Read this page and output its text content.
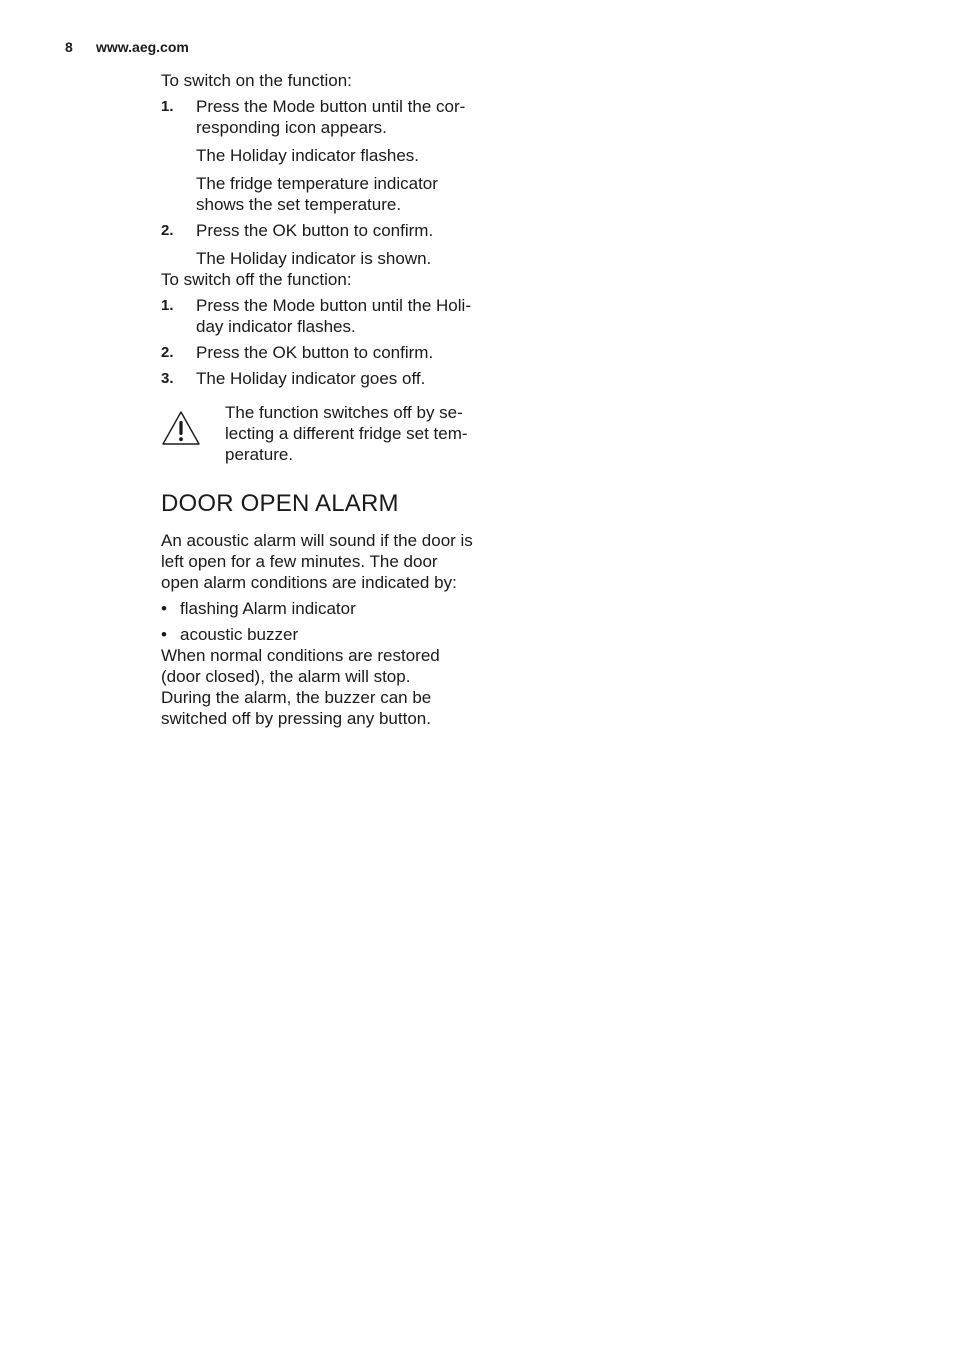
8 www.aeg.com

To switch on the function:

1.	Press the Mode button until the cor-
responding icon appears.

The Holiday indicator flashes.

The fridge temperature indicator
shows the set temperature.

2.	Press the OK button to confirm.

The Holiday indicator is shown.

To switch off the function:

1.	Press the Mode button until the Holi-
day indicator flashes.
2.	Press the OK button to confirm.
3.	The Holiday indicator goes off.
The function switches off by se-
lecting a different fridge set tem-
perature.
DOOR OPEN ALARM

An acoustic alarm will sound if the door is
left open for a few minutes. The door
open alarm conditions are indicated by:

• flashing Alarm indicator
• acoustic buzzer

When normal conditions are restored
(door closed), the alarm will stop.
During the alarm, the buzzer can be
switched off by pressing any button.
